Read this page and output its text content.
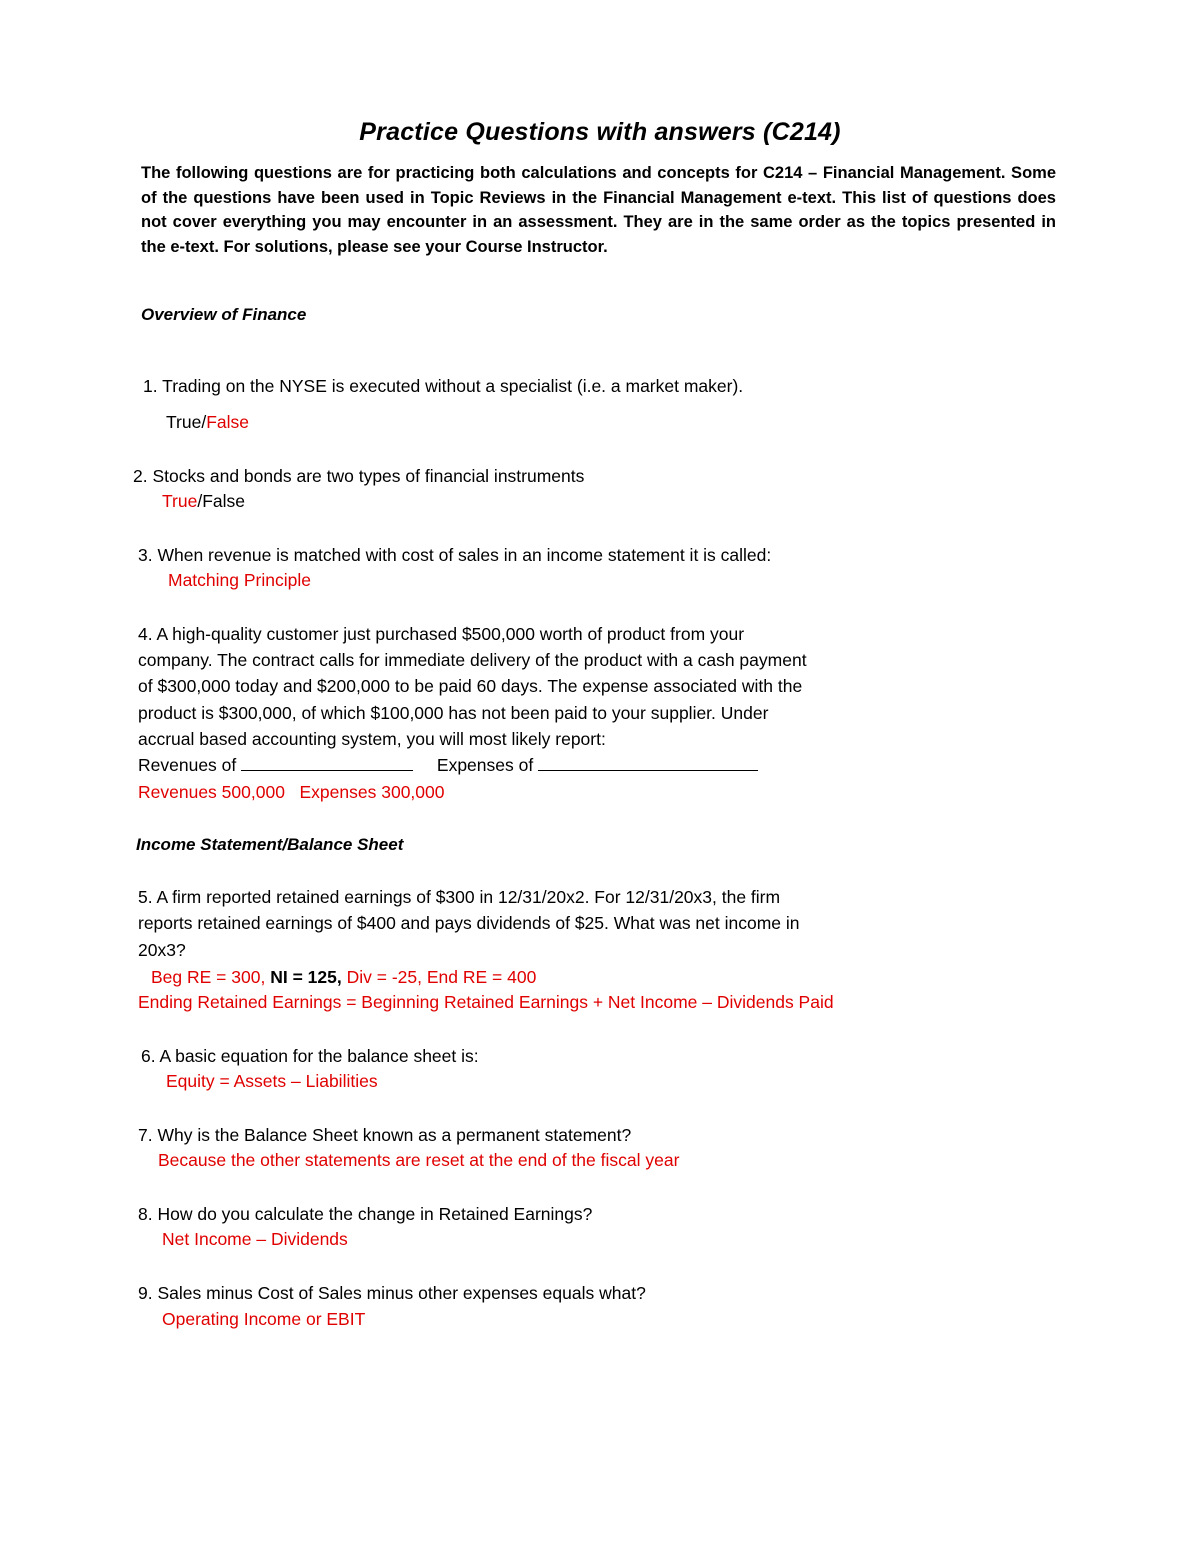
Practice Questions with answers (C214)
The following questions are for practicing both calculations and concepts for C214 – Financial Management. Some of the questions have been used in Topic Reviews in the Financial Management e-text. This list of questions does not cover everything you may encounter in an assessment. They are in the same order as the topics presented in the e-text. For solutions, please see your Course Instructor.
Overview of Finance
1. Trading on the NYSE is executed without a specialist (i.e. a market maker).
True/False
2. Stocks and bonds are two types of financial instruments
True/False
3. When revenue is matched with cost of sales in an income statement it is called:
Matching Principle
4. A high-quality customer just purchased $500,000 worth of product from your
company. The contract calls for immediate delivery of the product with a cash payment
of $300,000 today and $200,000 to be paid 60 days. The expense associated with the
product is $300,000, of which $100,000 has not been paid to your supplier. Under
accrual based accounting system, you will most likely report:
Revenues of	Expenses of
Revenues 500,000   Expenses 300,000
Income Statement/Balance Sheet
5. A firm reported retained earnings of $300 in 12/31/20x2. For 12/31/20x3, the firm
reports retained earnings of $400 and pays dividends of $25. What was net income in
20x3?
Beg RE = 300, NI = 125, Div = -25, End RE = 400
Ending Retained Earnings = Beginning Retained Earnings + Net Income – Dividends Paid
6. A basic equation for the balance sheet is:
Equity = Assets – Liabilities
7. Why is the Balance Sheet known as a permanent statement?
Because the other statements are reset at the end of the fiscal year
8. How do you calculate the change in Retained Earnings?
Net Income – Dividends
9. Sales minus Cost of Sales minus other expenses equals what?
Operating Income or EBIT
